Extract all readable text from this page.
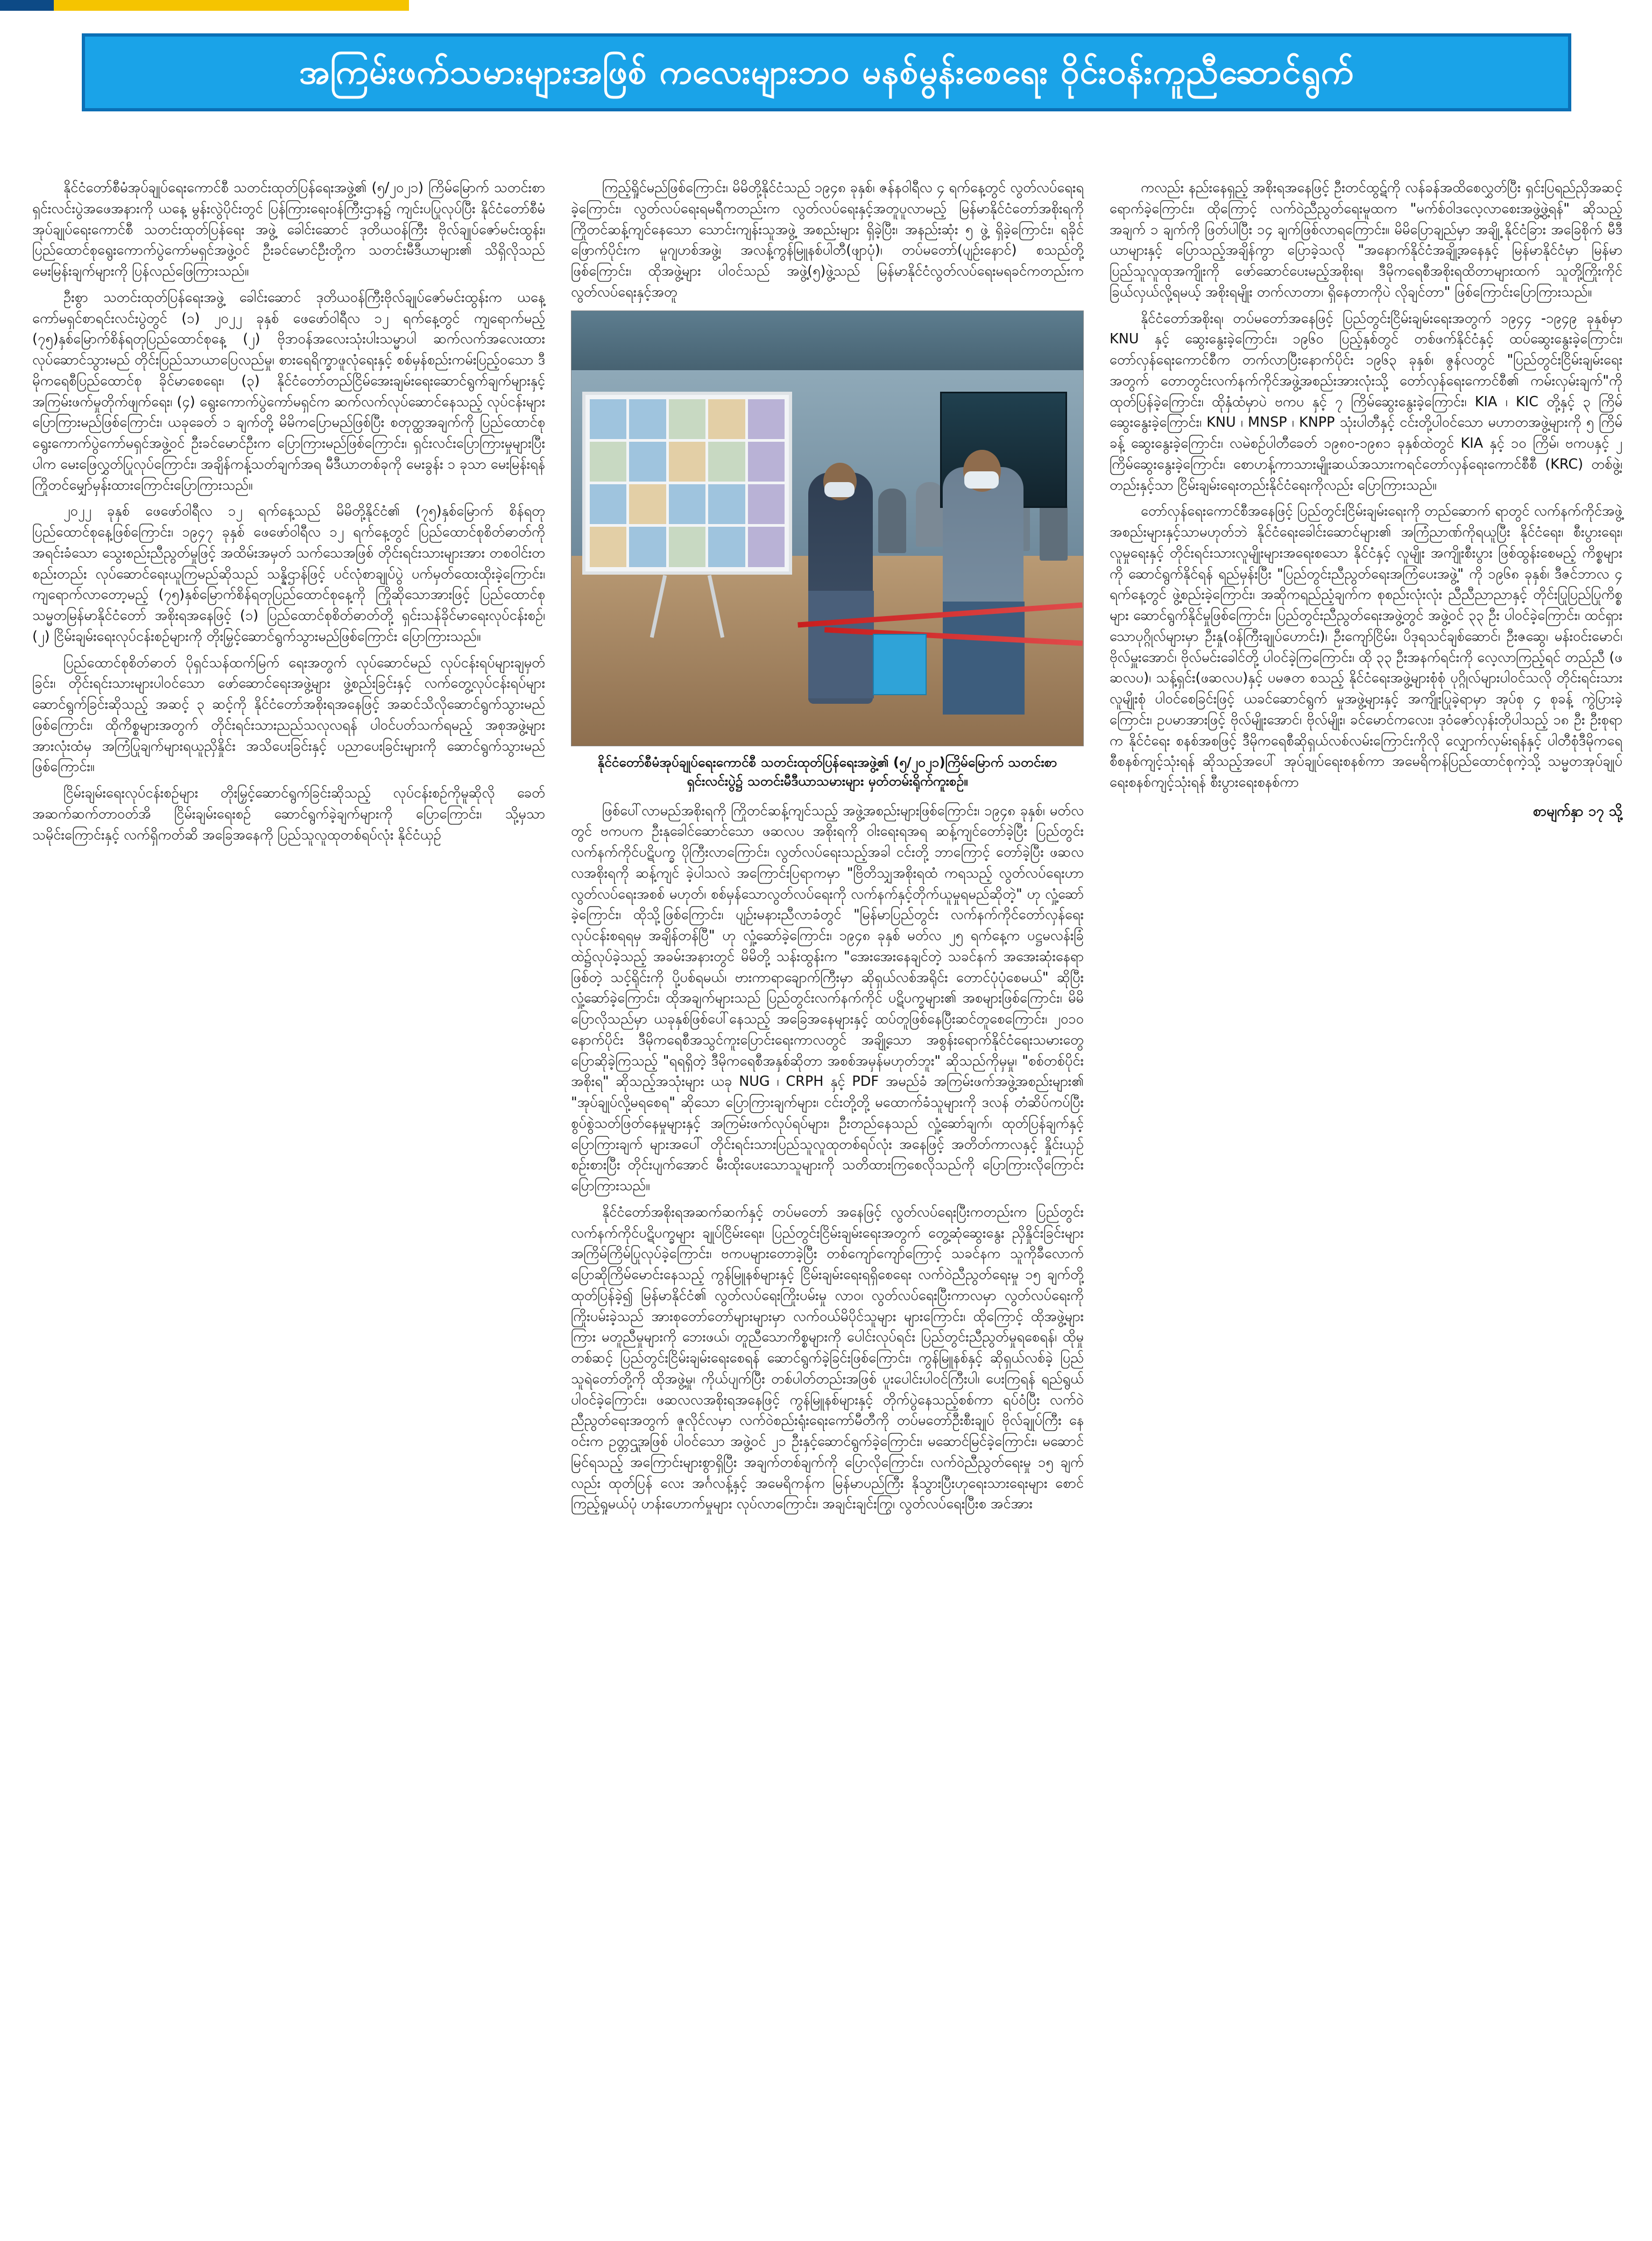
အကြမ်းဖက်သမားများအဖြစ် ကလေးများဘဝ မနစ်မွန်းစေရေး ဝိုင်းဝန်းကူညီဆောင်ရွက်

နိုင်ငံတော်စီမံအုပ်ချုပ်ရေးကောင်စီ သတင်းထုတ်ပြန်ရေးအဖွဲ့၏ (၅/၂၀၂၁) ကြိမ်မြောက် သတင်းစာရှင်းလင်းပွဲအဖေအနားကို ယနေ့ မွန်းလွဲပိုင်းတွင် ပြန်ကြားရေးဝန်ကြီးဌာန၌ ကျင်းပပြုလုပ်ပြီး နိုင်ငံတော်စီမံအုပ်ချုပ်ရေးကောင်စီ သတင်းထုတ်ပြန်ရေး အဖွဲ့ ခေါင်းဆောင် ဒုတိယဝန်ကြီး ဗိုလ်ချုပ်ဇော်မင်းထွန်း၊ ပြည်ထောင်စုရွေးကောက်ပွဲကော်မရှင်အဖွဲ့ဝင် ဦးခင်မောင်ဦးတို့က သတင်းမီဒီယာများ၏ သိရှိလိုသည် မေးမြန်းချက်များကို ပြန်လည်ဖြေကြားသည်။

ဦးစွာ သတင်းထုတ်ပြန်ရေးအဖွဲ့ ခေါင်းဆောင် ဒုတိယဝန်ကြီးဗိုလ်ချုပ်ဇော်မင်းထွန်းက ယနေ့ကော်မရှင်စာရင်းလင်းပွဲတွင် (၁) ၂၀၂၂ ခုနှစ် ဖေဖော်ဝါရီလ ၁၂ ရက်နေ့တွင် ကျရောက်မည့် (၇၅)နှစ်မြောက်စိန်ရတုပြည်ထောင်စုနေ့ (၂) ဗိုဒာဝန်အလေးသုံးပါးသမ္မာပါ ဆက်လက်အလေးထား လုပ်ဆောင်သွားမည် တိုင်းပြည်သာယာပြေလည်မှု၊ စားရေရိက္ခာဖူလုံရေးနှင့် စစ်မှန်စည်းကမ်းပြည့်ဝသော ဒီမိုကရေစီပြည်ထောင်စု ခိုင်မာစေရေး၊ (၃) နိုင်ငံတော်တည်ငြိမ်အေးချမ်းရေးဆောင်ရွက်ချက်များနှင့် အကြမ်းဖက်မှုတိုက်ဖျက်ရေး၊ (၄) ရွေးကောက်ပွဲကော်မရှင်က ဆက်လက်လုပ်ဆောင်နေသည့် လုပ်ငန်းများပြောကြားမည်ဖြစ်ကြောင်း၊ ယခုခေတ် ၁ ချက်တို့ မိမိကပြောမည်ဖြစ်ပြီး စတုတ္ထအချက်ကို ပြည်ထောင်စုရွေးကောက်ပွဲကော်မရှင်အဖွဲ့ဝင် ဦးခင်မောင်ဦးက ပြောကြားမည်ဖြစ်ကြောင်း၊ ရှင်းလင်းပြောကြားမှုများပြီးပါက မေးဖြေလွှတ်ပြုလုပ်ကြောင်း၊ အချိန်ကန့်သတ်ချက်အရ မီဒီယာတစ်ခုကို မေးခွန်း ၁ ခုသာ မေးမြန်းရန်ကြိုတင်မျှော်မှန်းထားကြောင်းပြောကြားသည်။

၂၀၂၂ ခုနှစ် ဖေဖော်ဝါရီလ ၁၂ ရက်နေ့သည် မိမိတို့နိုင်ငံ၏ (၇၅)နှစ်မြောက် စိန်ရတုပြည်ထောင်စုနေ့ဖြစ်ကြောင်း၊ ၁၉၄၇ ခုနှစ် ဖေဖော်ဝါရီလ ၁၂ ရက်နေ့တွင် ပြည်ထောင်စုစိတ်ဓာတ်ကိုအရင်းခံသော သွေးစည်းညီညွတ်မှုဖြင့် အထိမ်းအမှတ် သက်သေအဖြစ် တိုင်းရင်းသားများအား တစဝါင်းတစည်းတည်း လုပ်ဆောင်ရေးယူကြမည်ဆိုသည် သန္နိဌာန်ဖြင့် ပင်လုံစာချုပ်ပွဲ ပက်မှတ်ထေးထိုးခဲ့ကြောင်း၊ ကျရောက်လာတော့မည့် (၇၅)နှစ်မြောက်စိန်ရတုပြည်ထောင်စုနေ့ကို ကြိုဆိုသောအားဖြင့် ပြည်ထောင်စုသမ္မတမြန်မာနိုင်ငံတော် အစိုးရအနေဖြင့် (၁) ပြည်ထောင်စုစိတ်ဓာတ်တို့ ရှင်းသန်ခိုင်မာရေးလုပ်ငန်းစဉ်၊ (၂) ငြိမ်းချမ်းရေးလုပ်ငန်းစဉ်များကို တိုးမြှင့်ဆောင်ရွက်သွားမည်ဖြစ်ကြောင်း ပြောကြားသည်။

ပြည်ထောင်စုစိတ်ဓာတ် ပိုရှင်သန်ထက်မြက် ရေးအတွက် လုပ်ဆောင်မည် လုပ်ငန်းရပ်များချမှတ်ခြင်း၊ တိုင်းရင်းသားများပါဝင်သော ဖော်ဆောင်ရေးအဖွဲ့များ ဖွဲ့စည်းခြင်းနှင့် လက်တွေ့လုပ်ငန်းရပ်များဆောင်ရွက်ခြင်းဆိုသည့် အဆင့် ၃ ဆင့်ကို နိုင်ငံတော်အစိုးရအနေဖြင့် အဆင်သိလိုဆောင်ရွက်သွားမည်ဖြစ်ကြောင်း၊ ထိုကိစ္စများအတွက် တိုင်းရင်းသားညည်သလုလရန် ပါဝင်ပတ်သက်ရမည့် အစုအဖွဲ့များအားလုံးထံမှ အကြံပြုချက်များရယူညှိနှိုင်း အသိပေးခြင်းနှင့် ပညာပေးခြင်းများကို ဆောင်ရွက်သွားမည်ဖြစ်ကြောင်း။

ငြိမ်းချမ်းရေးလုပ်ငန်းစဉ်များ တိုးမြှင့်ဆောင်ရွက်ခြင်းဆိုသည့် လုပ်ငန်းစဉ်ကိုမူဆိုလို ခေတ်အဆက်ဆက်တာဝတ်အိ ငြိမ်းချမ်းရေးစဉ် ဆောင်ရွက်ခဲ့ချက်များကို ပြောကြောင်း၊ သို့မှသာ သမိုင်းကြောင်းနှင့် လက်ရှိကတ်ဆိ အခြေအနေကို ပြည်သူလူထုတစ်ရပ်လုံး နိုင်ငံယှဉ်

ကြည့်ရှိုင်မည်ဖြစ်ကြောင်း၊ မိမိတို့နိုင်ငံသည် ၁၉၄၈ ခုနှစ်၊ ဇန်နဝါရီလ ၄ ရက်နေ့တွင် လွတ်လပ်ရေးရခဲ့ကြောင်း၊ လွတ်လပ်ရေးရမရီကတည်းက လွတ်လပ်ရေးနှင့်အတူပူလာမည့် မြန်မာနိုင်ငံတော်အစိုးရကို ကြိုတင်ဆန့်ကျင်နေသော သောင်းကျန်းသူအဖွဲ့ အစည်းများ ရှိခဲ့ပြီး၊ အနည်းဆုံး ၅ ဖွဲ့ ရှိခဲ့ကြောင်း၊ ရခိုင်ဖြောက်ပိုင်းက မူဂျဟစ်အဖွဲ့၊ အလန့်ကွန်မြူနစ်ပါတီ(ဖျာပုံ)၊ တပ်မတော်(ပျဉ်းနောင်) စသည်တို့ဖြစ်ကြောင်း၊ ထိုအဖွဲ့များ ပါဝင်သည် အဖွဲ့(၅)ဖွဲ့သည် မြန်မာနိုင်ငံလွတ်လပ်ရေးမရခင်ကတည်းက လွတ်လပ်ရေးနှင့်အတူ

နိုင်ငံတော်စီမံအုပ်ချုပ်ရေးကောင်စီ သတင်းထုတ်ပြန်ရေးအဖွဲ့၏ (၅/၂၀၂၁)ကြိမ်မြောက် သတင်းစာ ရှင်းလင်းပွဲ၌ သတင်းမီဒီယာသမားများ မှတ်တမ်းရိုက်ကူးစဉ်။

ဖြစ်ပေါ်လာမည်အစိုးရကို ကြိုတင်ဆန့်ကျင်သည့် အဖွဲ့အစည်းများဖြစ်ကြောင်း၊ ၁၉၄၈ ခုနှစ်၊ မတ်လ တွင် ဗကပက ဦးနုခေါင်ဆောင်သော ဖဆလပ အစိုးရကို ဝါးရေးရအရ ဆန့်ကျင်တော်ခဲ့ပြီး ပြည်တွင်းလက်နက်ကိုင်ပဋိပက္ခ ပိုကြီးလာကြောင်း၊ လွတ်လပ်ရေးသည့်အခါ ငင်းတို့ ဘာကြောင့် တော်ခဲ့ပြီး ဖဆလလအစိုးရကို ဆန့်ကျင် ခဲ့ပါသလဲ အကြောင်းပြရာကမှာ "ဗြိတိသျှအစိုးရထံ ကရသည့် လွတ်လပ်ရေးဟာ လွတ်လပ်ရေးအစစ် မဟုတ်၊ စစ်မှန်သောလွတ်လပ်ရေးကို လက်နက်နှင့်တိုက်ယူမှုရမည်ဆိုတဲ့" ဟု လှုံ့ဆော်ခဲ့ကြောင်း၊ ထိုသို့ဖြစ်ကြောင်း၊ ပျဉ်းမနားညီလာခံတွင် "မြန်မာပြည်တွင်း လက်နက်ကိုင်တော်လှန်ရေး လုပ်ငန်းစရရမှ အချိန်တန်ပြီ" ဟု လှုံ့ဆော်ခဲ့ကြောင်း၊ ၁၉၄၈ ခုနှစ် မတ်လ ၂၅ ရက်နေ့က ပဋ္ဌမလန်းခြံထဲ၌လုပ်ခဲ့သည့် အခမ်းအနားတွင် မိမိတို့ သန်းထွန်းက "အေးအေးနေချင်တဲ့ သခင်နက် အအေးဆုံးနေရာဖြစ်တဲ့ သင့်ရိုင်းကို ပို့ပစ်ရမယ်၊ ဗားကာရာချောက်ကြီးမှာ ဆိုရှယ်လစ်အရိုင်း တောင်ပုံပုံစေမယ်" ဆိုပြီး လှုံ့ဆော်ခဲ့ကြောင်း၊ ထိုအချက်များသည် ပြည်တွင်းလက်နက်ကိုင် ပဋိပက္ခများ၏ အစများဖြစ်ကြောင်း၊ မိမိပြောလိုသည်မှာ ယခုနှစ်ဖြစ်ပေါ်နေသည့် အခြေအနေများနှင့် ထပ်တူဖြစ်နေပြီးဆင်တူစေကြောင်း၊ ၂၀၁၀ နောက်ပိုင်း ဒီမိုကရေစီအသွင်ကူးပြောင်းရေးကာလတွင် အချို့သော အစွန်းရောက်နိုင်ငံရေးသမားတွေ ပြောဆိုခဲ့ကြသည့် "ရရရှိတဲ့ ဒီမိုကရေစီအနှစ်ဆိုတာ အစစ်အမှန်မဟုတ်ဘူး" ဆိုသည်ကိုမှမှု၊ "စစ်တစ်ပိုင်းအစိုးရ" ဆိုသည့်အသုံးများ ယခု NUG ၊ CRPH နှင့် PDF အမည်ခံ အကြမ်းဖက်အဖွဲ့အစည်းများ၏ "အုပ်ချုပ်လို့မရစေရ" ဆိုသော ပြောကြားချက်များ၊ ငင်းတို့တို့ မထောက်ခံသူများကို ဒလန် တံဆိပ်ကပ်ပြီး စွပ်စွဲသတ်ဖြတ်နေမှုများနှင့် အကြမ်းဖက်လုပ်ရပ်များ၊ ဦးတည်နေသည် လှုံ့ဆော်ချက်၊ ထုတ်ပြန်ချက်နှင့် ပြောကြားချက် များအပေါ် တိုင်းရင်းသားပြည်သူလူထုတစ်ရပ်လုံး အနေဖြင့် အတိတ်ကာလနှင့် နှိုင်းယှဉ်စဉ်းစားပြီး တိုင်းပျက်အောင် မီးထိုးပေးသောသူများကို သတိထားကြစေလိုသည်ကို ပြောကြားလိုကြောင်း ပြောကြားသည်။

နိုင်ငံတော်အစိုးရအဆက်ဆက်နှင့် တပ်မတော် အနေဖြင့် လွတ်လပ်ရေးပြီးကတည်းက ပြည်တွင်းလက်နက်ကိုင်ပဋိပက္ခများ ချုပ်ငြိမ်းရေး၊ ပြည်တွင်းငြိမ်းချမ်းရေးအတွက် တွေ့ဆုံဆွေးနွေး ညှိနှိုင်းခြင်းများ အကြိမ်ကြိမ်ပြုလုပ်ခဲ့ကြောင်း၊ ဗကပများတောခဲ့ပြီး တစ်ကျော်ကျော်ကြောင့် သခင်နက သူကိုခီလောက်ပြောဆိုကြိမ်မောင်းနေသည့် ကွန်မြူနစ်များနှင့် ငြိမ်းချမ်းရေးရရှိစေရေး လက်ဝဲညီညွတ်ရေးမှု ၁၅ ချက်တို့ ထုတ်ပြန်ခဲ့၍ မြန်မာနိုင်ငံ၏ လွတ်လပ်ရေးကြိုးပမ်းမှု လာဝ၊ လွတ်လပ်ရေးပြီးကာလမှာ လွတ်လပ်ရေးကိုကြိုးပမ်းခဲ့သည် အားစုတော်တော်များများမှာ လက်ဝယ်မိပိုင်သူများ များကြောင်း၊ ထိုကြောင့် ထိုအဖွဲ့များကြား မတူညီမှုများကို ဘေးဖယ်၊ တူညီသောကိစ္စများကို ပေါင်းလုပ်ရင်း ပြည်တွင်းညီညွတ်မှုရစေရန်၊ ထိုမှုတစ်ဆင့် ပြည်တွင်းငြိမ်းချမ်းရေးစေရန် ဆောင်ရွက်ခဲ့ခြင်းဖြစ်ကြောင်း၊ ကွန်မြူနစ်နှင့် ဆိုရှယ်လစ်ခဲ့ ပြည်သူရဲတော်တို့ကို ထိုအဖွဲ့မှု၊ ကိုယ်ပျက်ပြီး တစ်ပါတ်တည်းအဖြစ် ပူးပေါင်းပါဝင်ကြီးပါ၊ ပေးကြရန် ရည်ရွယ်ပါဝင်ခဲ့ကြောင်း၊ ဖဆလလအစိုးရအနေဖြင့် ကွန်မြူနစ်များနှင့် တိုက်ပွဲနေသည့်စစ်ကာ ရပ်ဝံပြီး လက်ဝဲညီညွတ်ရေးအတွက် ဇူလိုင်လမှာ လက်ဝဲစည်းရုံးရေးကော်မီတီကို တပ်မတော်ဦးစီးချုပ် ဗိုလ်ချုပ်ကြီး နေဝင်းက ဥတ္တဌူအဖြစ် ပါဝင်သော အဖွဲ့ဝင် ၂၁ ဦးနှင့်ဆောင်ရွက်ခဲ့ကြောင်း၊ မဆောင်မြင်ခဲ့ကြောင်း၊ မဆောင်မြင်ရသည့် အကြောင်းများစွာရှိပြီး အချက်တစ်ချက်ကို ပြောလိုကြောင်း၊ လက်ဝဲညီညွတ်ရေးမှု ၁၅ ချက်လည်း ထုတ်ပြန် လေး အင်္ဂလန့်နှင့် အမေရိကန်က မြန်မာပည်ကြီး နိုသွားပြီးဟုရေးသားရေးများ စောင်ကြည့်ရှုမယ်ပုံ ဟန်းဟောက်မှုများ လုပ်လာကြောင်း၊ အချင်းချင်းကြွ၊ လွတ်လပ်ရေးပြီးစ အင်အား

ကလည်း နည်းနေရှည့် အစိုးရအနေဖြင့် ဦးတင်ထွဋ်ကို လန်ခန်အထိစေလွှတ်ပြီး ရှင်းပြရည်ညှိအဆင့်ရောက်ခဲ့ကြောင်း၊ ထိုကြောင့် လက်ဝဲညီညွတ်ရေးမူထက "မက်စ်ဝါဒလေ့လာစေးအဖွဲ့ဖွဲ့ရန်" ဆိုသည့် အချက် ၁ ချက်ကို ဖြတ်ပါပြီး ၁၄ ချက်ဖြစ်လာရကြောင်း။ မိမိပြောချည်မှာ အချို့ နိုင်ငံခြား အခြေစိုက် မီဒီယာများနှင့် ပြောသည့်အချိန်ကွာ ပြောခဲ့သလို "အနောက်နိုင်ငံအချို့အနေနှင့် မြန်မာနိုင်ငံမှာ မြန်မာပြည်သူလူထုအကျိုးကို ဖော်ဆောင်ပေးမည့်အစိုးရ၊ ဒီမိုကရေစီအစိုးရထိတာများထက် သူတို့ကြိုးကိုင်ခြယ်လှယ်လို့ရမယ့် အစိုးရမျိုး တက်လာတာ၊ ရှိနေတာကိုပဲ လိုချင်တာ" ဖြစ်ကြောင်းပြောကြားသည်။

နိုင်ငံတော်အစိုးရ၊ တပ်မတော်အနေဖြင့် ပြည်တွင်းငြိမ်းချမ်းရေးအတွက် ၁၉၄၄ -၁၉၄၉ ခုနှစ်မှာ KNU နှင့် ဆွေးနွေးခဲ့ကြောင်း၊ ၁၉၆၀ ပြည့်နှစ်တွင် တစ်ဖက်နိုင်ငံနှင့် ထပ်ဆွေးနွေးခဲ့ကြောင်း၊ တော်လှန်ရေးကောင်စီက တက်လာပြီးနောက်ပိုင်း ၁၉၆၃ ခုနှစ်၊ ဇွန်လတွင် "ပြည်တွင်းငြိမ်းချမ်းရေးအတွက် တောတွင်းလက်နက်ကိုင်အဖွဲ့အစည်းအားလုံးသို့ တော်လှန်ရေးကောင်စီ၏ ကမ်းလှမ်းချက်"ကို ထုတ်ပြန်ခဲ့ကြောင်း၊ ထိုနှံထံမှာပဲ ဗကပ နှင့် ၇ ကြိမ်ဆွေးနွေးခဲ့ကြောင်း၊ KIA ၊ KIC တို့နှင့် ၃ ကြိမ် ဆွေးနွေးခဲ့ကြောင်း၊ KNU ၊ MNSP ၊ KNPP သုံးပါတီနှင့် ငင်းတို့ပါဝင်သော မဟာတအဖွဲ့များကို ၅ ကြိမ်ခန့် ဆွေးနွေးခဲ့ကြောင်း၊ လမဲစဉ်ပါတီခေတ် ၁၉၈၀-၁၉၈၁ ခုနှစ်ထဲတွင် KIA နှင့် ၁၀ ကြိမ်၊ ဗကပနှင့် ၂ ကြိမ်ဆွေးနွေးခဲ့ကြောင်း၊ စောဟန့်ကာသားမျိုးဆယ်အသားကရင်တော်လှန်ရေးကောင်စီစီ (KRC) တစ်ဖွဲ့၊ တည်းနှင့်သာ ငြိမ်းချမ်းရေးတည်းနိုင်ငံရေးကိုလည်း ပြောကြားသည်။

တော်လှန်ရေးကောင်စီအနေဖြင့် ပြည်တွင်းငြိမ်းချမ်းရေးကို တည်ဆောက် ရာတွင် လက်နက်ကိုင်အဖွဲ့အစည်းများနှင့်သာမဟုတ်ဘဲ နိုင်ငံရေးခေါင်းဆောင်များ၏ အကြံညာဏ်ကိုရယူပြီး နိုင်ငံရေး၊ စီးပွားရေး၊ လူမှုရေးနှင့် တိုင်းရင်းသားလူမျိုးများအရေးစသော နိုင်ငံနှင့် လူမျိုး အကျိုးစီးပွား ဖြစ်ထွန်းစေမည့် ကိစ္စများကို ဆောင်ရွက်နိုင်ရန် ရည်မှန်းပြီး "ပြည်တွင်းညီညွတ်ရေးအကြံပေးအဖွဲ့" ကို ၁၉၆၈ ခုနှစ်၊ ဒီဇင်ဘာလ ၄ ရက်နေ့တွင် ဖွဲ့စည်းခဲ့ကြောင်း၊ အဆိုကရည်ညံ့ချက်က စုစည်းလုံးလုံး ညီညီညာညာနှင့် တိုင်းပြုပြည်ပြုကိစ္စများ ဆောင်ရွက်နိုင်မှုဖြစ်ကြောင်း၊ ပြည်တွင်းညီညွတ်ရေးအဖွဲ့တွင် အဖွဲ့ဝင် ၃၃ ဦး ပါဝင်ခဲ့ကြောင်း၊ ထင်ရှားသောပုဂ္ဂိုလ်များမှာ ဦးနှု(ဝန်ကြီးချုပ်ဟောင်း)၊ ဦးကျော်ငြိမ်း၊ ပိဒုရသင်ချစ်ဆောင်၊ ဦးဇဆွေ၊ မန်းဝင်းမောင်၊ ဗိုလ်မှူးအောင်၊ ဗိုလ်မင်းခေါင်တို့ ပါဝင်ခဲ့ကြကြောင်း၊ ထို ၃၃ ဦးအနက်ရင်းကို လေ့လာကြည့်ရင် တည်ညီ (ဖဆလပ)၊ သန့်ရှင်း(ဖဆလပ)နှင့် ပမဇတ စသည့် နိုင်ငံရေးအဖွဲ့များစုံစုံ ပုဂ္ဂိုလ်များပါဝင်သလို တိုင်းရင်းသားလူမျိုးစုံ ပါဝင်စေခြင်းဖြင့် ယခင်ဆောင်ရွက် မှုအဖွဲ့များနှင့် အကျိုးပြုခဲ့ရာမှာ အုပ်စု ၄ စုခန့် ကွဲပြားခဲ့ကြောင်း၊ ဥပမာအားဖြင့် ဗိုလ်မျိုးအောင်၊ ဗိုလ်မျိုး၊ ခင်မောင်ကလေး၊ ဒုဝံဇော်လှန်းတိုပါသည့် ၁၈ ဦး ဦးစုရာက နိုင်ငံရေး စနစ်အစဖြင့် ဒီမိုကရေစီဆိုရှယ်လစ်လမ်းကြောင်းကိုလို လျှောက်လှမ်းရန်နှင့် ပါတီစုံဒီမိုကရေစီစနစ်ကျင့်သုံးရန် ဆိုသည့်အပေါ် အုပ်ချုပ်ရေးစနစ်ကာ အမေရိကန်ပြည်ထောင်စုကဲ့သို့ သမ္မတအုပ်ချုပ်ရေးစနစ်ကျင့်သုံးရန် စီးပွားရေးစနစ်ကာ

စာမျက်နှာ ၁၇ သို့
